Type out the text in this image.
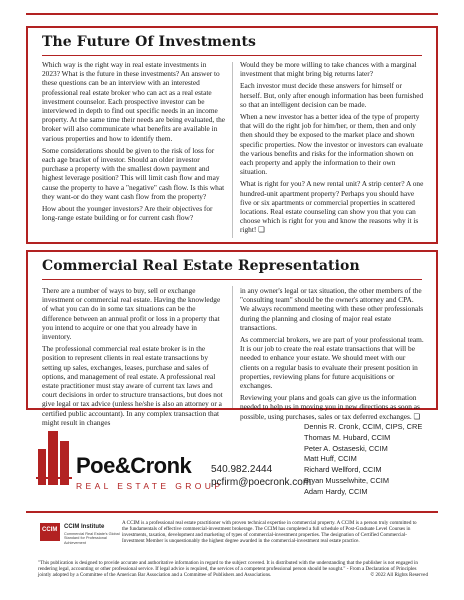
The Future Of Investments

Which way is the right way in real estate investments in 2023? What is the future in these investments? An answer to these questions can be an interview with an interested professional real estate broker who can act as a real estate investment counselor. Each prospective investor can be interviewed in depth to find out specific needs in an income property. At the same time their needs are being evaluated, the broker will also communicate what benefits are available in various properties and how to identify them.

Some considerations should be given to the risk of loss for each age bracket of investor. Should an older investor purchase a property with the smallest down payment and highest leverage position? This will limit cash flow and may cause the property to have a "negative" cash flow. Is this what they want-or do they want cash flow from the property?

How about the younger investors? Are their objectives for long-range estate building or for current cash flow?

Would they be more willing to take chances with a marginal investment that might bring big returns later?

Each investor must decide these answers for himself or herself. But, only after enough information has been furnished so that an intelligent decision can be made.

When a new investor has a better idea of the type of property that will do the right job for him/her, or them, then and only then should they be exposed to the market place and shown specific properties. Now the investor or investors can evaluate the various benefits and risks for the information shown on each property and apply the information to their own situation.

What is right for you? A new rental unit? A strip center? A one hundred-unit apartment property? Perhaps you should have five or six apartments or commercial properties in scattered locations. Real estate counseling can show you that you can choose which is right for you and know the reasons why it is right! ❏

Commercial Real Estate Representation

There are a number of ways to buy, sell or exchange investment or commercial real estate. Having the knowledge of what you can do in some tax situations can be the difference between an annual profit or loss in a property that you intend to acquire or one that you already have in inventory.

The professional commercial real estate broker is in the position to represent clients in real estate transactions by setting up sales, exchanges, leases, purchase and sales of options, and management of real estate. A professional real estate practitioner must stay aware of current tax laws and court decisions in order to structure transactions, but does not give legal or tax advice (unless he/she is also an attorney or a certified public accountant). In any complex transaction that might result in changes

in any owner's legal or tax situation, the other members of the "consulting team" should be the owner's attorney and CPA. We always recommend meeting with these other professionals during the planning and closing of major real estate transactions.

As commercial brokers, we are part of your professional team. It is our job to create the real estate transactions that will be needed to enhance your estate. We should meet with our clients on a regular basis to evaluate their present position in properties, reviewing plans for future acquisitions or exchanges.

Reviewing your plans and goals can give us the information needed to help us in moving you in new directions as soon as possible, using purchases, sales or tax deferred exchanges. ❏

Poe&Cronk
REAL ESTATE GROUP
540.982.2444
pcfirm@poecronk.com
Dennis R. Cronk, CCIM, CIPS, CRE
Thomas M. Hubard, CCIM
Peter A. Ostaseski, CCIM
Matt Huff, CCIM
Richard Wellford, CCIM
Bryan Musselwhite, CCIM
Adam Hardy, CCIM
CCIM CCIM Institute
Commercial Real Estate's Global Standard for Professional Achievement
A CCIM is a professional real estate practitioner with proven technical expertise in commercial property. A CCIM is a person truly committed to the fundamentals of effective commercial-investment brokerage. The CCIM has completed a full schedule of Post-Graduate Level Courses in investments, taxation, development and marketing of types of commercial-investment properties. The designation of Certified Commercial-Investment Member is unquestionably the highest degree awarded in the commercial-investment real estate practice.
"This publication is designed to provide accurate and authoritative information in regard to the subject covered. It is distributed with the understanding that the publisher is not engaged in rendering legal, accounting or other professional service. If legal advice is required, the services of a competent professional person should be sought." - From a Declaration of Principles jointly adopted by a Committee of the American Bar Association and a Committee of Publishers and Associations.	© 2022 All Rights Reserved
